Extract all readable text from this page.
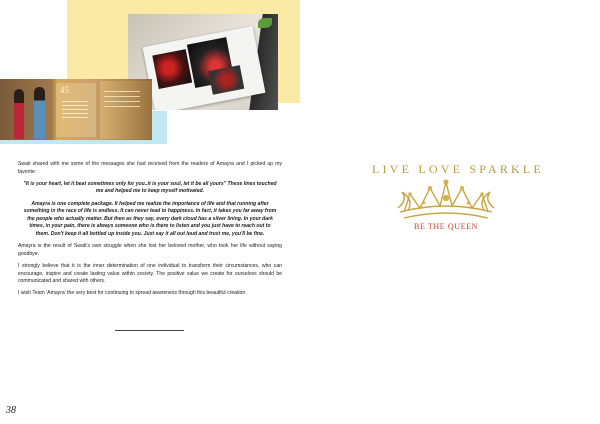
45

Swati shared with me some of the messages she had received from the readers of Amayra and I picked up my favorite:

"It is your heart, let it beat sometimes only for you..it is your soul, let it be all yours" These lines touched me and helped me to keep myself motivated.

Amayra is one complete package. It helped me realize the importance of life and that running after something in the race of life is endless. It can never lead to happiness. In fact, it takes you far away from the people who actually matter. But then as they say, every dark cloud has a silver lining. In your dark times, in your pain, there is always someone who is there to listen and you just have to reach out to them. Don't keep it all bottled up inside you. Just say it all out loud and trust me, you'll be fine.

Amayra is the result of Swati's own struggle when she lost her beloved mother, who took her life without saying goodbye.

I strongly believe that it is the inner determination of one individual to transform their circumstances, who can encourage, inspire and create lasting value within society. The positive value we create for ourselves should be communicated and shared with others.

I wish Team 'Amayra' the very best for continuing to spread awareness through this beautiful creation.

38
LIVE LOVE SPARKLE
BE THE QUEEN
